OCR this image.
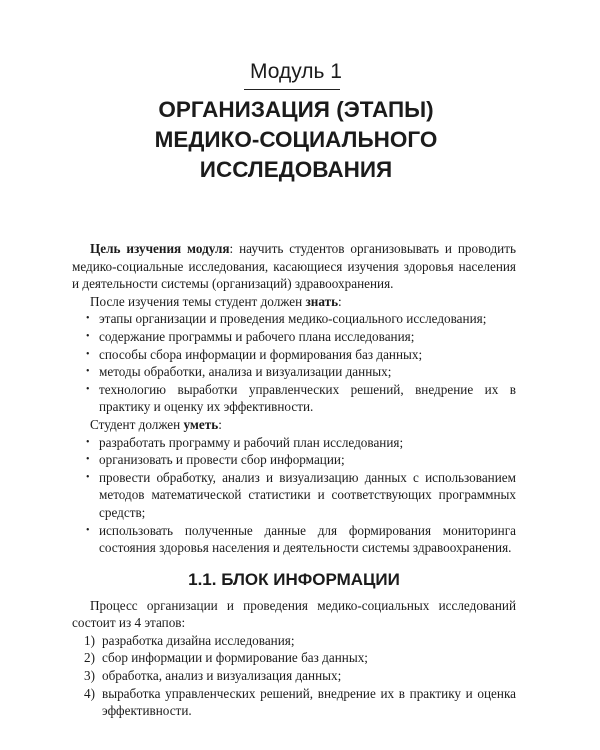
Модуль 1
ОРГАНИЗАЦИЯ (ЭТАПЫ)
МЕДИКО-СОЦИАЛЬНОГО
ИССЛЕДОВАНИЯ

Цель изучения модуля: научить студентов организовывать и проводить медико-социальные исследования, касающиеся изучения здоровья населения и деятельности системы (организаций) здравоохранения.

После изучения темы студент должен знать:

• этапы организации и проведения медико-социального исследования;
• содержание программы и рабочего плана исследования;
• способы сбора информации и формирования баз данных;
• методы обработки, анализа и визуализации данных;
• технологию выработки управленческих решений, внедрение их в практику и оценку их эффективности.

Студент должен уметь:

• разработать программу и рабочий план исследования;
• организовать и провести сбор информации;
• провести обработку, анализ и визуализацию данных с использованием методов математической статистики и соответствующих программных средств;
• использовать полученные данные для формирования мониторинга состояния здоровья населения и деятельности системы здравоохранения.
1.1. БЛОК ИНФОРМАЦИИ

Процесс организации и проведения медико-социальных исследований состоит из 4 этапов:

1) разработка дизайна исследования;
2) сбор информации и формирование баз данных;
3) обработка, анализ и визуализация данных;
4) выработка управленческих решений, внедрение их в практику и оценка эффективности.
